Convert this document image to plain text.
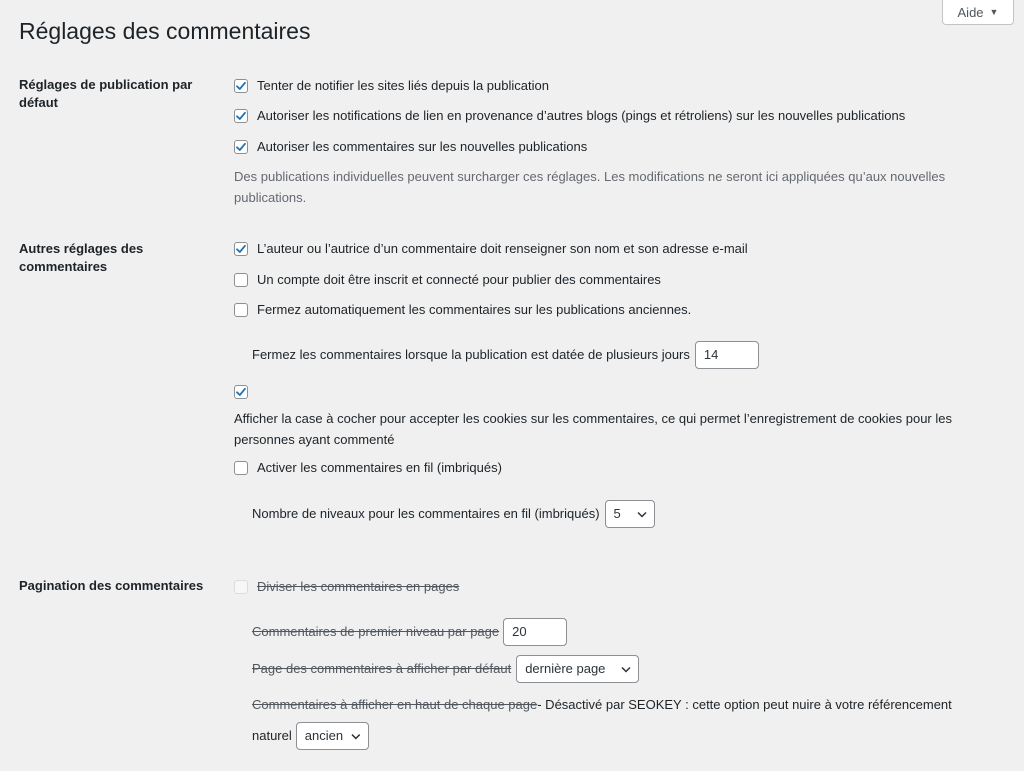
Aide ▼
Réglages des commentaires
Réglages de publication par défaut
Tenter de notifier les sites liés depuis la publication
Autoriser les notifications de lien en provenance d’autres blogs (pings et rétroliens) sur les nouvelles publications
Autoriser les commentaires sur les nouvelles publications
Des publications individuelles peuvent surcharger ces réglages. Les modifications ne seront ici appliquées qu’aux nouvelles publications.
Autres réglages des commentaires
L’auteur ou l’autrice d’un commentaire doit renseigner son nom et son adresse e-mail
Un compte doit être inscrit et connecté pour publier des commentaires
Fermez automatiquement les commentaires sur les publications anciennes.
Fermez les commentaires lorsque la publication est datée de plusieurs jours	14
Afficher la case à cocher pour accepter les cookies sur les commentaires, ce qui permet l’enregistrement de cookies pour les personnes ayant commenté
Activer les commentaires en fil (imbriqués)
Nombre de niveaux pour les commentaires en fil (imbriqués) 5
Pagination des commentaires	Diviser les commentaires en pages
Commentaires de premier niveau par page	20
Page des commentaires à afficher par défaut dernière page
Commentaires à afficher en haut de chaque page - Désactivé par SEOKEY : cette option peut nuire à votre référencement
naturel ancien
